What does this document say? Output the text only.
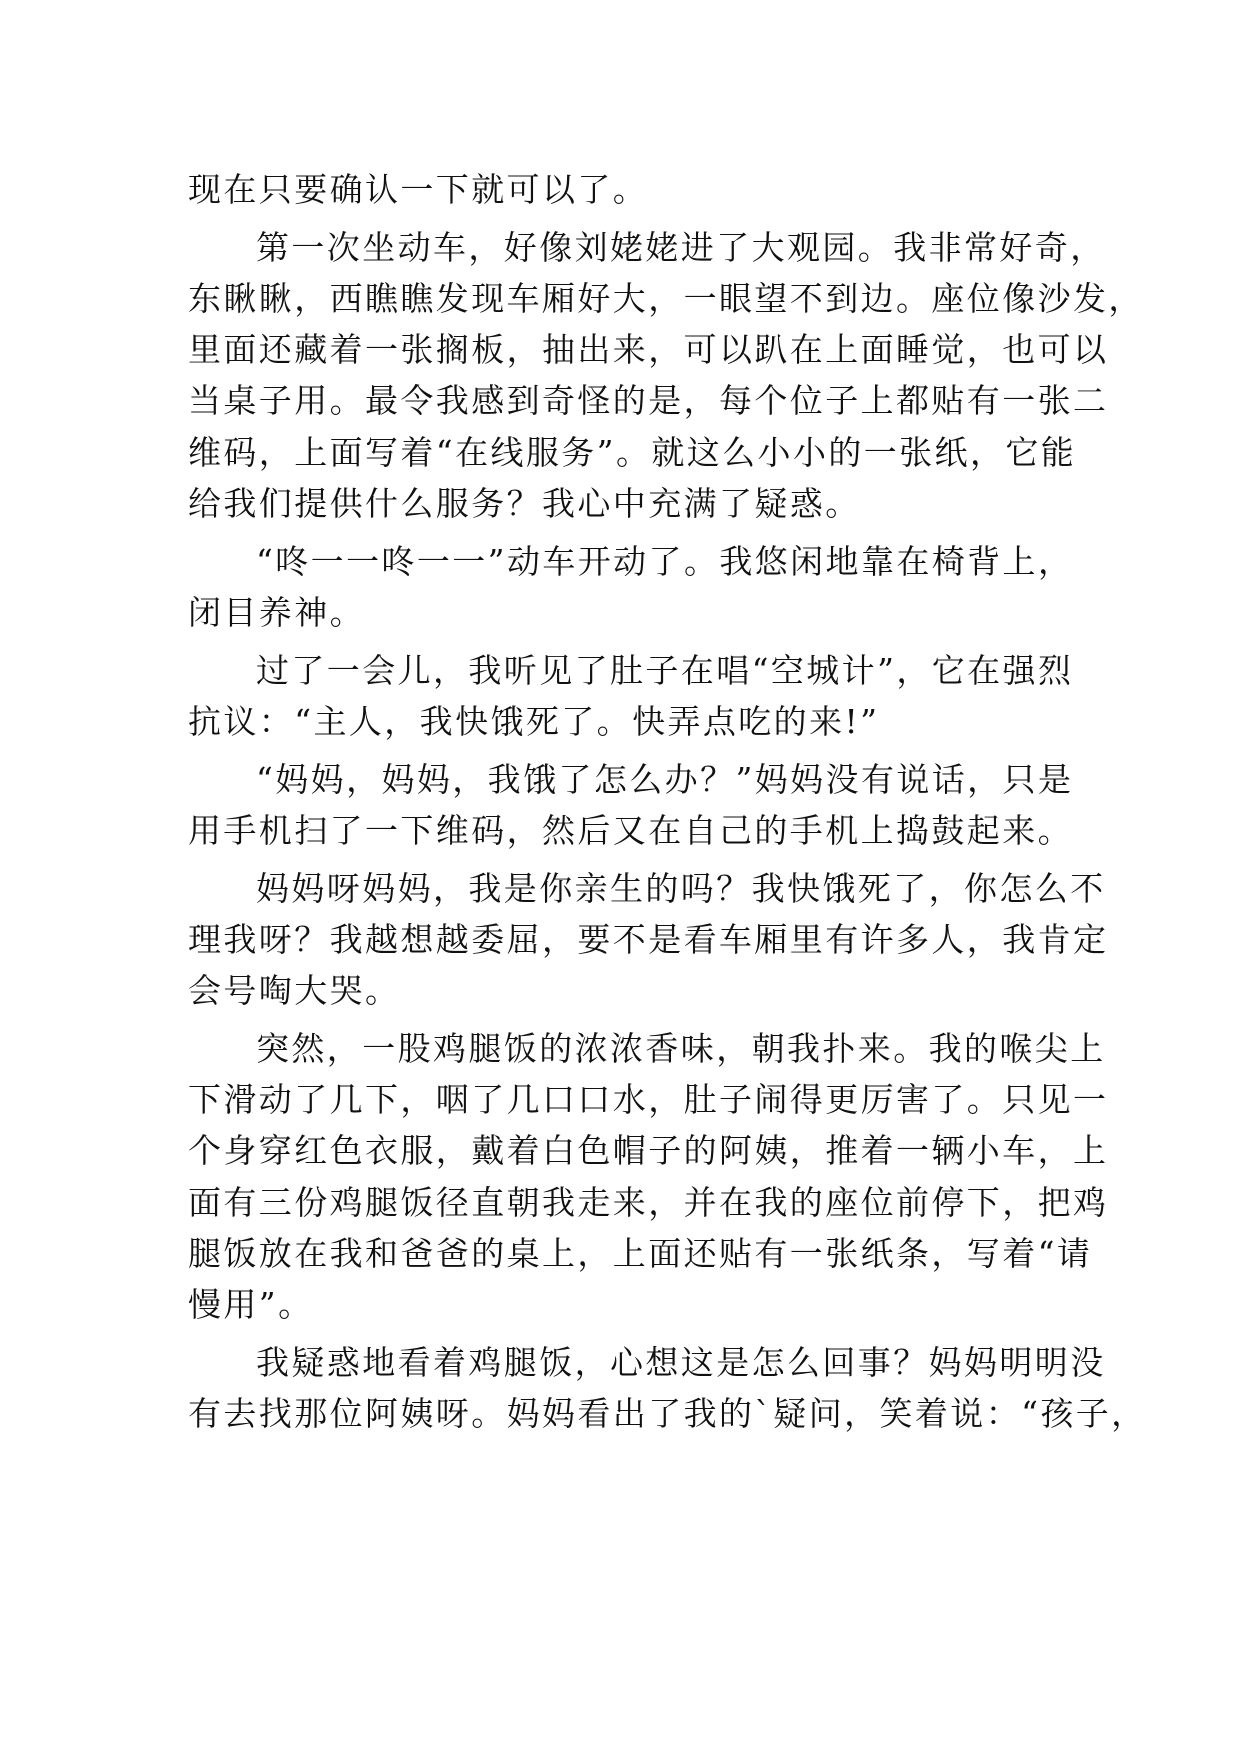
现在只要确认一下就可以了。
第一次坐动车，好像刘姥姥进了大观园。我非常好奇，
东瞅瞅，西瞧瞧发现车厢好大，一眼望不到边。座位像沙发，
里面还藏着一张搁板，抽出来，可以趴在上面睡觉，也可以
当桌子用。最令我感到奇怪的是，每个位子上都贴有一张二
维码，上面写着“在线服务”。就这么小小的一张纸，它能
给我们提供什么服务？我心中充满了疑惑。
“咚一一咚一一”动车开动了。我悠闲地靠在椅背上，
闭目养神。
过了一会儿，我听见了肚子在唱“空城计”，它在强烈
抗议：“主人，我快饿死了。快弄点吃的来!”
“妈妈，妈妈，我饿了怎么办？”妈妈没有说话，只是
用手机扫了一下维码，然后又在自己的手机上捣鼓起来。
妈妈呀妈妈，我是你亲生的吗？我快饿死了，你怎么不
理我呀？我越想越委屈，要不是看车厢里有许多人，我肯定
会号啕大哭。
突然，一股鸡腿饭的浓浓香味，朝我扑来。我的喉尖上
下滑动了几下，咽了几口口水，肚子闹得更厉害了。只见一
个身穿红色衣服，戴着白色帽子的阿姨，推着一辆小车，上
面有三份鸡腿饭径直朝我走来，并在我的座位前停下，把鸡
腿饭放在我和爸爸的桌上，上面还贴有一张纸条，写着“请
慢用”。
我疑惑地看着鸡腿饭，心想这是怎么回事？妈妈明明没
有去找那位阿姨呀。妈妈看出了我的`疑问，笑着说：“孩子，
